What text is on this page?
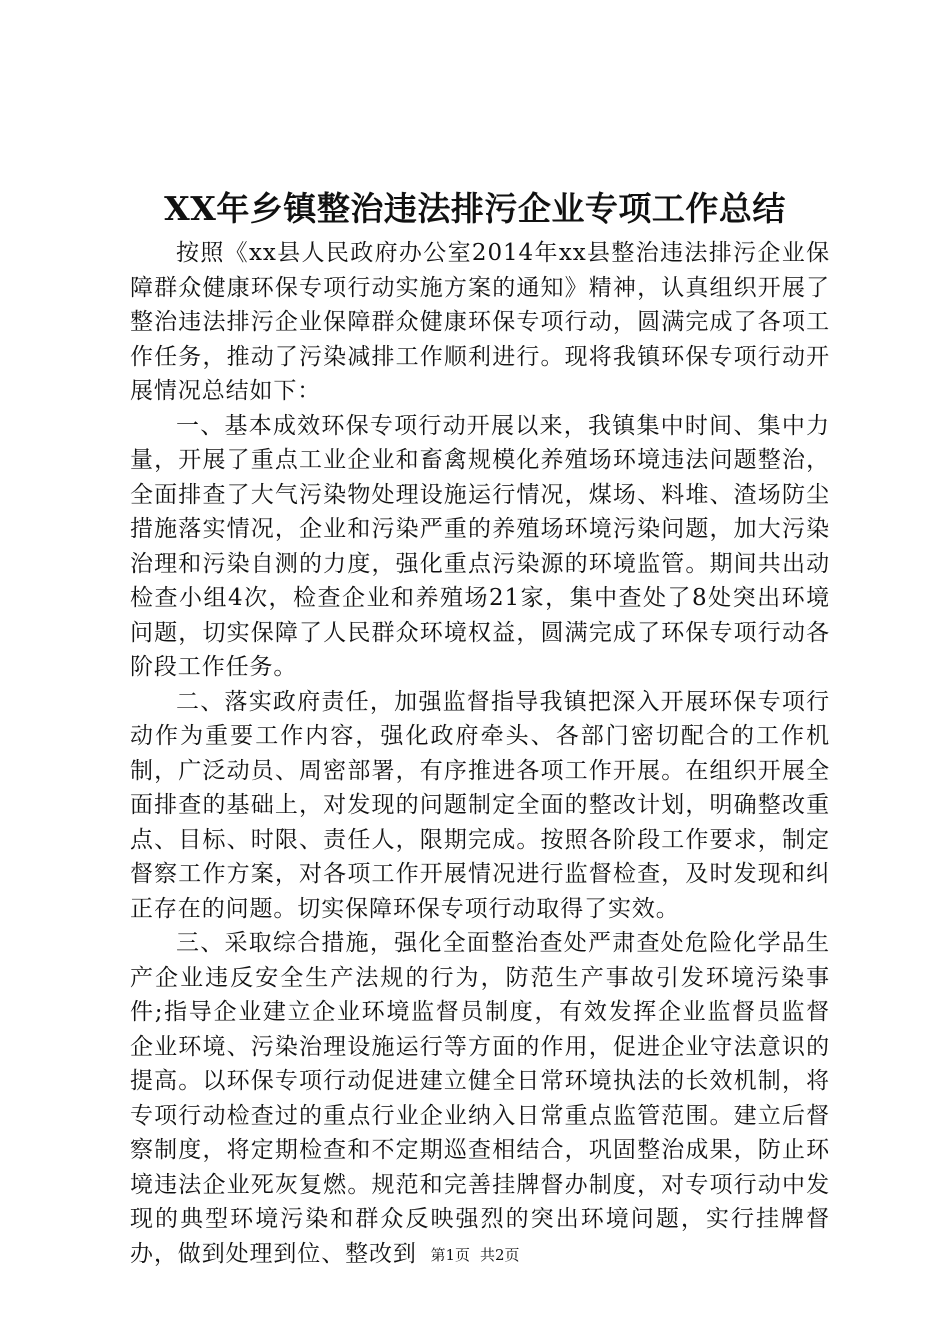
XX年乡镇整治违法排污企业专项工作总结

按照《xx县人民政府办公室2014年xx县整治违法排污企业保障群众健康环保专项行动实施方案的通知》精神，认真组织开展了整治违法排污企业保障群众健康环保专项行动，圆满完成了各项工作任务，推动了污染减排工作顺利进行。现将我镇环保专项行动开展情况总结如下：

一、基本成效环保专项行动开展以来，我镇集中时间、集中力量，开展了重点工业企业和畜禽规模化养殖场环境违法问题整治，全面排查了大气污染物处理设施运行情况，煤场、料堆、渣场防尘措施落实情况，企业和污染严重的养殖场环境污染问题，加大污染治理和污染自测的力度，强化重点污染源的环境监管。期间共出动检查小组4次，检查企业和养殖场21家，集中查处了8处突出环境问题，切实保障了人民群众环境权益，圆满完成了环保专项行动各阶段工作任务。

二、落实政府责任，加强监督指导我镇把深入开展环保专项行动作为重要工作内容，强化政府牵头、各部门密切配合的工作机制，广泛动员、周密部署，有序推进各项工作开展。在组织开展全面排查的基础上，对发现的问题制定全面的整改计划，明确整改重点、目标、时限、责任人，限期完成。按照各阶段工作要求，制定督察工作方案，对各项工作开展情况进行监督检查，及时发现和纠正存在的问题。切实保障环保专项行动取得了实效。

三、采取综合措施，强化全面整治查处严肃查处危险化学品生产企业违反安全生产法规的行为，防范生产事故引发环境污染事件;指导企业建立企业环境监督员制度，有效发挥企业监督员监督企业环境、污染治理设施运行等方面的作用，促进企业守法意识的提高。以环保专项行动促进建立健全日常环境执法的长效机制，将专项行动检查过的重点行业企业纳入日常重点监管范围。建立后督察制度，将定期检查和不定期巡查相结合，巩固整治成果，防止环境违法企业死灰复燃。规范和完善挂牌督办制度，对专项行动中发现的典型环境污染和群众反映强烈的突出环境问题，实行挂牌督办，做到处理到位、整改到 第1页 共2页
